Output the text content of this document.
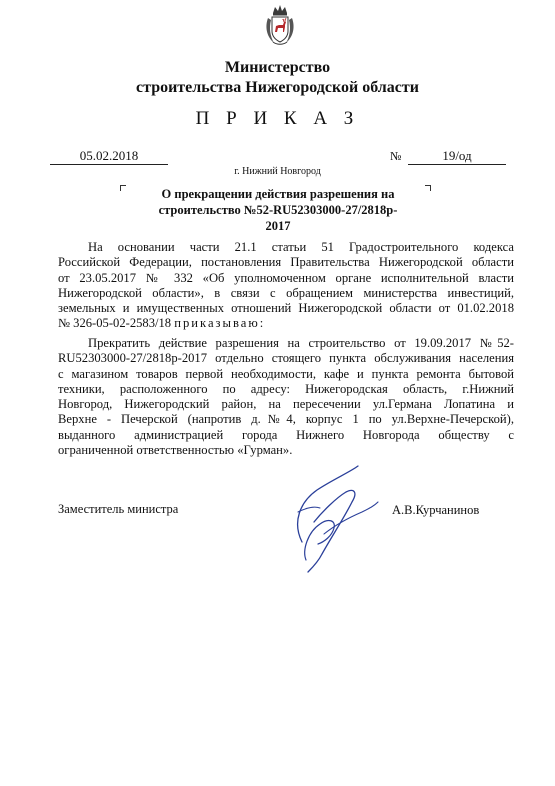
Министерство
строительства Нижегородской области
П Р И К А З
05.02.2018	№	19/од
г. Нижний Новгород
О прекращении действия разрешения на
строительство №52-RU52303000-27/2818р-
2017
На основании части 21.1 статьи 51 Градостроительного кодекса
Российской Федерации, постановления Правительства Нижегородской области
от 23.05.2017 № 332 «Об уполномоченном органе исполнительной власти
Нижегородской области», в связи с обращением министерства инвестиций,
земельных и имущественных отношений Нижегородской области от 01.02.2018
№ 326-05-02-2583/18 приказываю:
Прекратить действие разрешения на строительство от 19.09.2017 №52-
RU52303000-27/2818р-2017 отдельно стоящего пункта обслуживания населения
с магазином товаров первой необходимости, кафе и пункта ремонта бытовой
техники, расположенного по адресу: Нижегородская область, г.Нижний
Новгород, Нижегородский район, на пересечении ул.Германа Лопатина и
Верхне - Печерской (напротив д.№4, корпус 1 по ул.Верхне-Печерской),
выданного администрацией города Нижнего Новгорода обществу с
ограниченной ответственностью «Гурман».
Заместитель министра	А.В.Курчанинов
